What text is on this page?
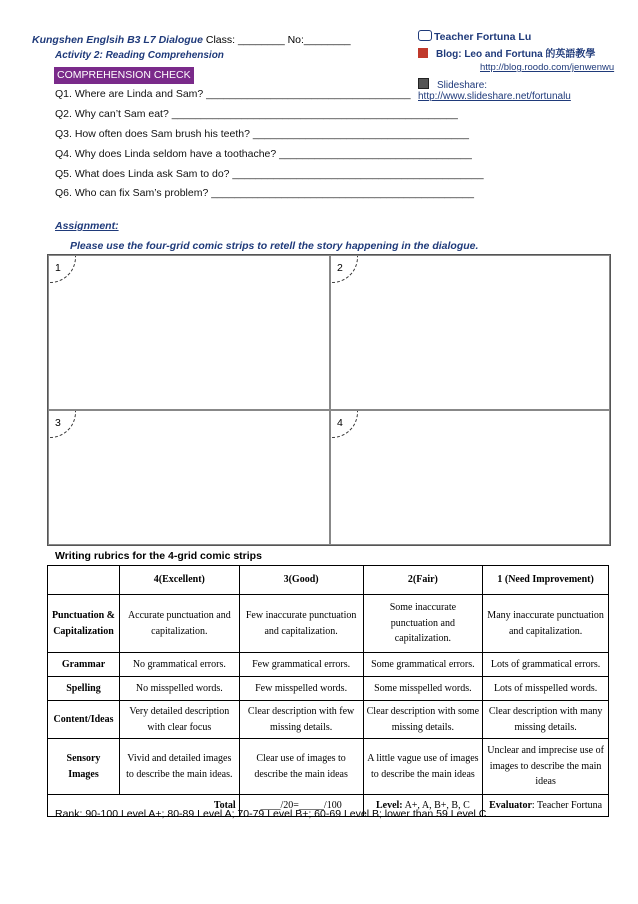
Kungshen Englsih B3 L7 Dialogue Class: ________ No:________
Activity 2: Reading Comprehension
COMPREHENSION CHECK
Teacher Fortuna Lu
Blog: Leo and Fortuna 的英語教學
http://blog.roodo.com/jenwenwu
Slideshare: http://www.slideshare.net/fortunalu
Q1. Where are Linda and Sam? ___________________________________
Q2. Why can’t Sam eat? _________________________________________________
Q3. How often does Sam brush his teeth? _____________________________________
Q4. Why does Linda seldom have a toothache? _________________________________
Q5. What does Linda ask Sam to do? ___________________________________________
Q6. Who can fix Sam’s problem? _____________________________________________
Assignment:
Please use the four-grid comic strips to retell the story happening in the dialogue.
1	2
3	4
Writing rubrics for the 4-grid comic strips
	4(Excellent)	3(Good)	2(Fair)	1 (Need Improvement)
Punctuation & Capitalization	Accurate punctuation and capitalization.	Few inaccurate punctuation and capitalization.	Some inaccurate punctuation and capitalization.	Many inaccurate punctuation and capitalization.
Grammar	No grammatical errors.	Few grammatical errors.	Some grammatical errors.	Lots of grammatical errors.
Spelling	No misspelled words.	Few misspelled words.	Some misspelled words.	Lots of misspelled words.
Content/Ideas	Very detailed description with clear focus	Clear description with few missing details.	Clear description with some missing details.	Clear description with many missing details.
Sensory Images	Vivid and detailed images to describe the main ideas.	Clear use of images to describe the main ideas	A little vague use of images to describe the main ideas	Unclear and imprecise use of images to describe the main ideas
Total		____/20=_____/100	Level: A+, A, B+, B, C	Evaluator: Teacher Fortuna
Rank: 90-100 Level A+; 80-89 Level A; 70-79 Level B+; 60-69 Level B; lower than 59 Level C
